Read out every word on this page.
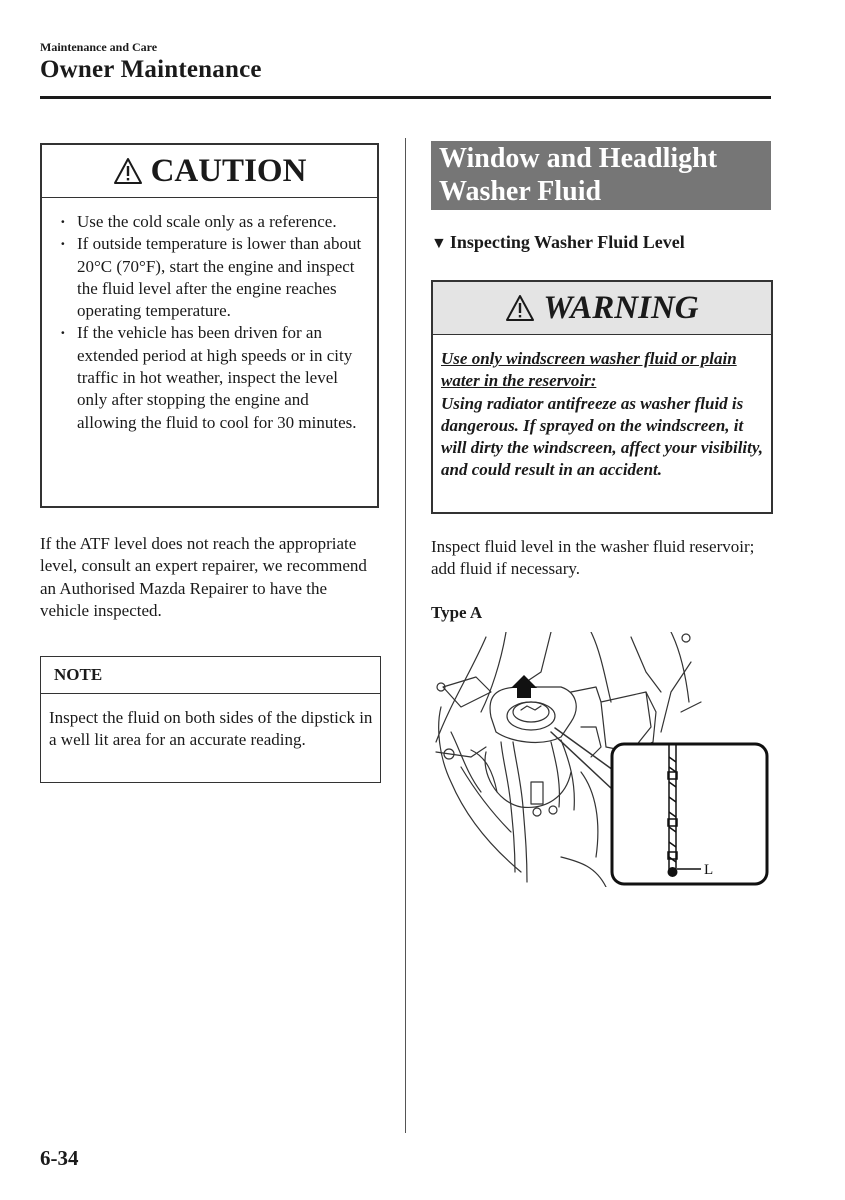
Maintenance and Care
Owner Maintenance
CAUTION
· Use the cold scale only as a reference.
· If outside temperature is lower than about 20°C (70°F), start the engine and inspect the fluid level after the engine reaches operating temperature.
· If the vehicle has been driven for an extended period at high speeds or in city traffic in hot weather, inspect the level only after stopping the engine and allowing the fluid to cool for 30 minutes.
If the ATF level does not reach the appropriate level, consult an expert repairer, we recommend an Authorised Mazda Repairer to have the vehicle inspected.
NOTE
Inspect the fluid on both sides of the dipstick in a well lit area for an accurate reading.
Window and Headlight Washer Fluid
▼ Inspecting Washer Fluid Level
WARNING
Use only windscreen washer fluid or plain water in the reservoir:
Using radiator antifreeze as washer fluid is dangerous. If sprayed on the windscreen, it will dirty the windscreen, affect your visibility, and could result in an accident.
Inspect fluid level in the washer fluid reservoir; add fluid if necessary.
Type A
L
6-34
